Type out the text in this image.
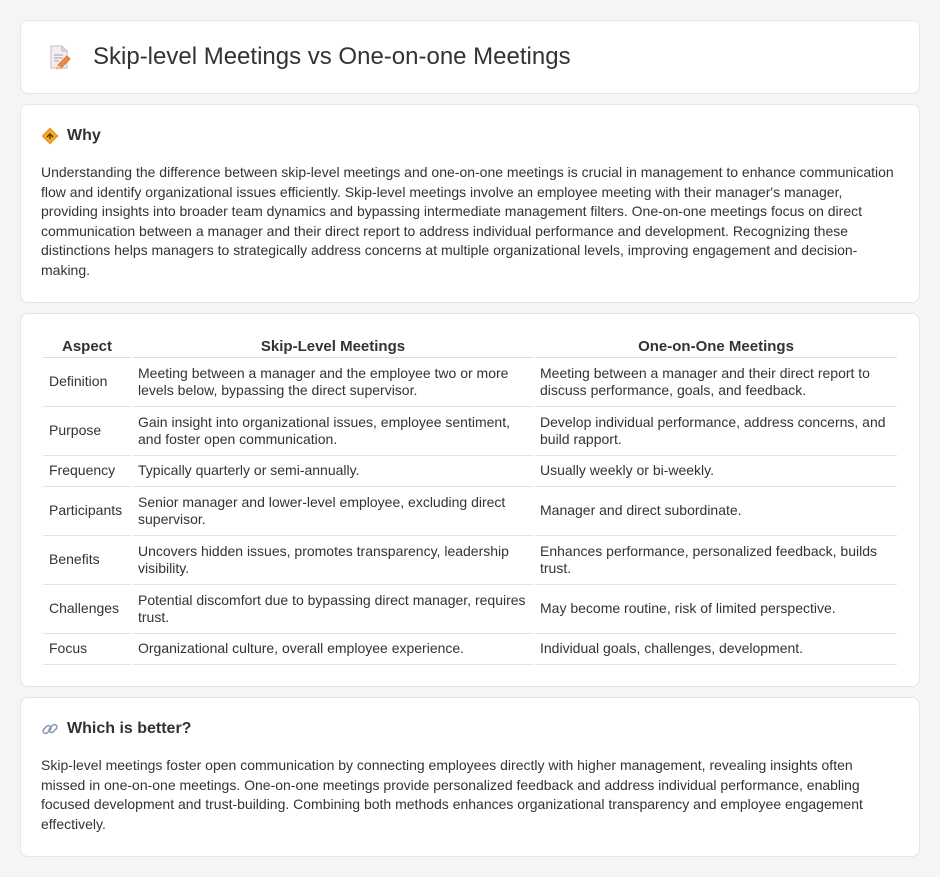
Skip-level Meetings vs One-on-one Meetings
Why

Understanding the difference between skip-level meetings and one-on-one meetings is crucial in management to enhance communication flow and identify organizational issues efficiently. Skip-level meetings involve an employee meeting with their manager's manager, providing insights into broader team dynamics and bypassing intermediate management filters. One-on-one meetings focus on direct communication between a manager and their direct report to address individual performance and development. Recognizing these distinctions helps managers to strategically address concerns at multiple organizational levels, improving engagement and decision-making.

Aspect	Skip-Level Meetings	One-on-One Meetings
Definition	Meeting between a manager and the employee two or more levels below, bypassing the direct supervisor.	Meeting between a manager and their direct report to discuss performance, goals, and feedback.
Purpose	Gain insight into organizational issues, employee sentiment, and foster open communication.	Develop individual performance, address concerns, and build rapport.
Frequency	Typically quarterly or semi-annually.	Usually weekly or bi-weekly.
Participants	Senior manager and lower-level employee, excluding direct supervisor.	Manager and direct subordinate.
Benefits	Uncovers hidden issues, promotes transparency, leadership visibility.	Enhances performance, personalized feedback, builds trust.
Challenges	Potential discomfort due to bypassing direct manager, requires trust.	May become routine, risk of limited perspective.
Focus	Organizational culture, overall employee experience.	Individual goals, challenges, development.
Which is better?

Skip-level meetings foster open communication by connecting employees directly with higher management, revealing insights often missed in one-on-one meetings. One-on-one meetings provide personalized feedback and address individual performance, enabling focused development and trust-building. Combining both methods enhances organizational transparency and employee engagement effectively.
